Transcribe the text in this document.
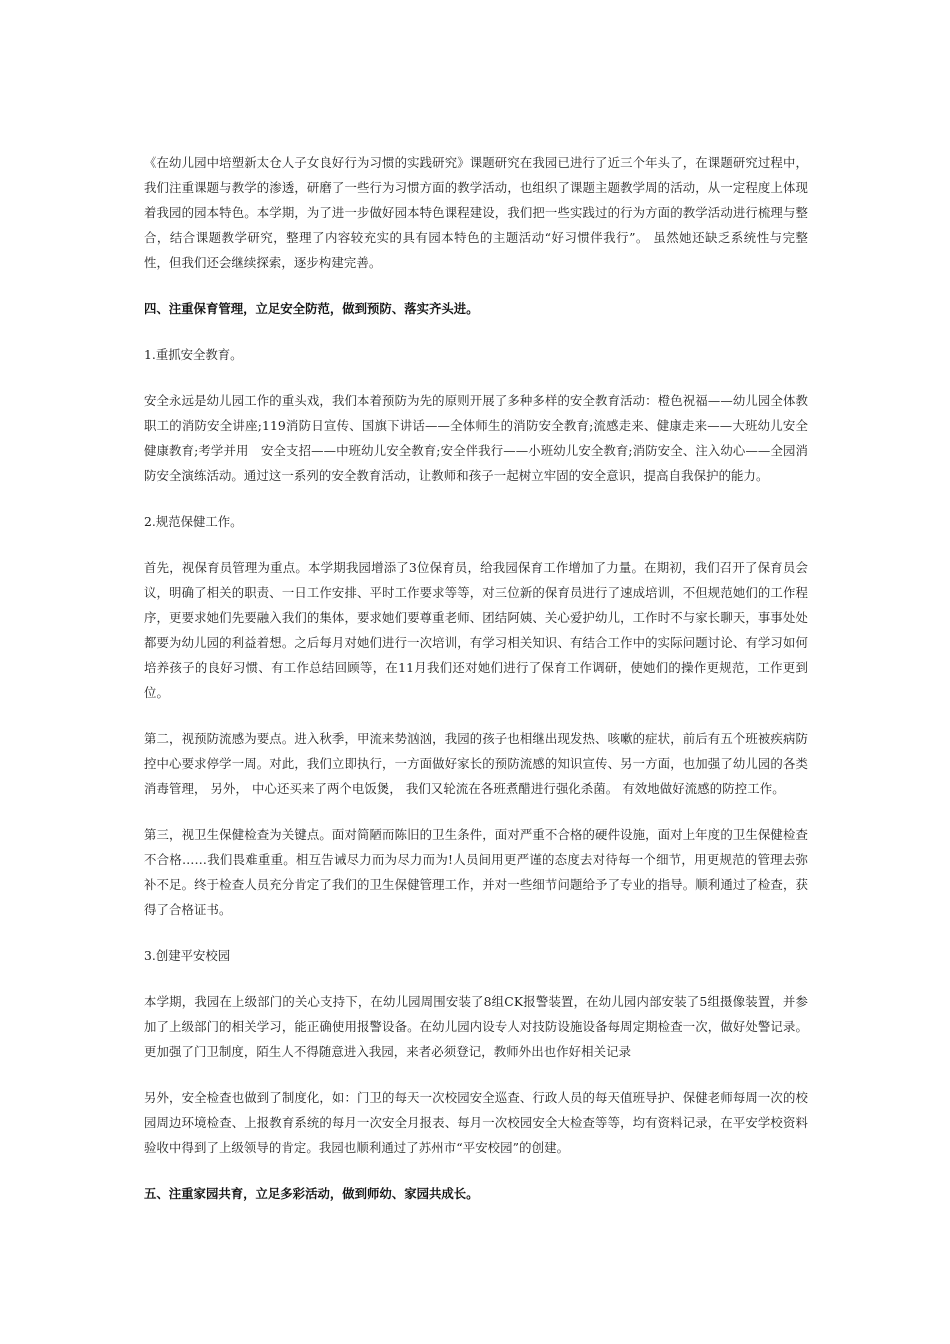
《在幼儿园中培塑新太仓人子女良好行为习惯的实践研究》课题研究在我园已进行了近三个年头了，在课题研究过程中，我们注重课题与教学的渗透，研磨了一些行为习惯方面的教学活动，也组织了课题主题教学周的活动，从一定程度上体现着我园的园本特色。本学期，为了进一步做好园本特色课程建设，我们把一些实践过的行为方面的教学活动进行梳理与整合，结合课题教学研究，整理了内容较充实的具有园本特色的主题活动“好习惯伴我行”。 虽然她还缺乏系统性与完整性，但我们还会继续探索，逐步构建完善。

四、注重保育管理，立足安全防范，做到预防、落实齐头进。

1.重抓安全教育。

安全永远是幼儿园工作的重头戏，我们本着预防为先的原则开展了多种多样的安全教育活动：橙色祝福——幼儿园全体教职工的消防安全讲座;119消防日宣传、国旗下讲话——全体师生的消防安全教育;流感走来、健康走来——大班幼儿安全健康教育;考学并用　安全支招——中班幼儿安全教育;安全伴我行——小班幼儿安全教育;消防安全、注入幼心——全园消防安全演练活动。通过这一系列的安全教育活动，让教师和孩子一起树立牢固的安全意识，提高自我保护的能力。

2.规范保健工作。

首先，视保育员管理为重点。本学期我园增添了3位保育员，给我园保育工作增加了力量。在期初，我们召开了保育员会议，明确了相关的职责、一日工作安排、平时工作要求等等，对三位新的保育员进行了速成培训，不但规范她们的工作程序，更要求她们先要融入我们的集体，要求她们要尊重老师、团结阿姨、关心爱护幼儿，工作时不与家长聊天，事事处处都要为幼儿园的利益着想。之后每月对她们进行一次培训，有学习相关知识、有结合工作中的实际问题讨论、有学习如何培养孩子的良好习惯、有工作总结回顾等，在11月我们还对她们进行了保育工作调研，使她们的操作更规范，工作更到位。

第二，视预防流感为要点。进入秋季，甲流来势汹汹，我园的孩子也相继出现发热、咳嗽的症状，前后有五个班被疾病防控中心要求停学一周。对此，我们立即执行，一方面做好家长的预防流感的知识宣传、另一方面，也加强了幼儿园的各类消毒管理， 另外， 中心还买来了两个电饭煲， 我们又轮流在各班煮醋进行强化杀菌。 有效地做好流感的防控工作。

第三，视卫生保健检查为关键点。面对简陋而陈旧的卫生条件，面对严重不合格的硬件设施，面对上年度的卫生保健检查不合格……我们畏难重重。相互告诫尽力而为尽力而为!人员间用更严谨的态度去对待每一个细节，用更规范的管理去弥补不足。终于检查人员充分肯定了我们的卫生保健管理工作，并对一些细节问题给予了专业的指导。顺利通过了检查，获得了合格证书。

3.创建平安校园

本学期，我园在上级部门的关心支持下，在幼儿园周围安装了8组CK报警装置，在幼儿园内部安装了5组摄像装置，并参加了上级部门的相关学习，能正确使用报警设备。在幼儿园内设专人对技防设施设备每周定期检查一次，做好处警记录。更加强了门卫制度，陌生人不得随意进入我园，来者必须登记，教师外出也作好相关记录

另外，安全检查也做到了制度化，如：门卫的每天一次校园安全巡查、行政人员的每天值班导护、保健老师每周一次的校园周边环境检查、上报教育系统的每月一次安全月报表、每月一次校园安全大检查等等，均有资料记录，在平安学校资料验收中得到了上级领导的肯定。我园也顺利通过了苏州市“平安校园”的创建。

五、注重家园共育，立足多彩活动，做到师幼、家园共成长。
